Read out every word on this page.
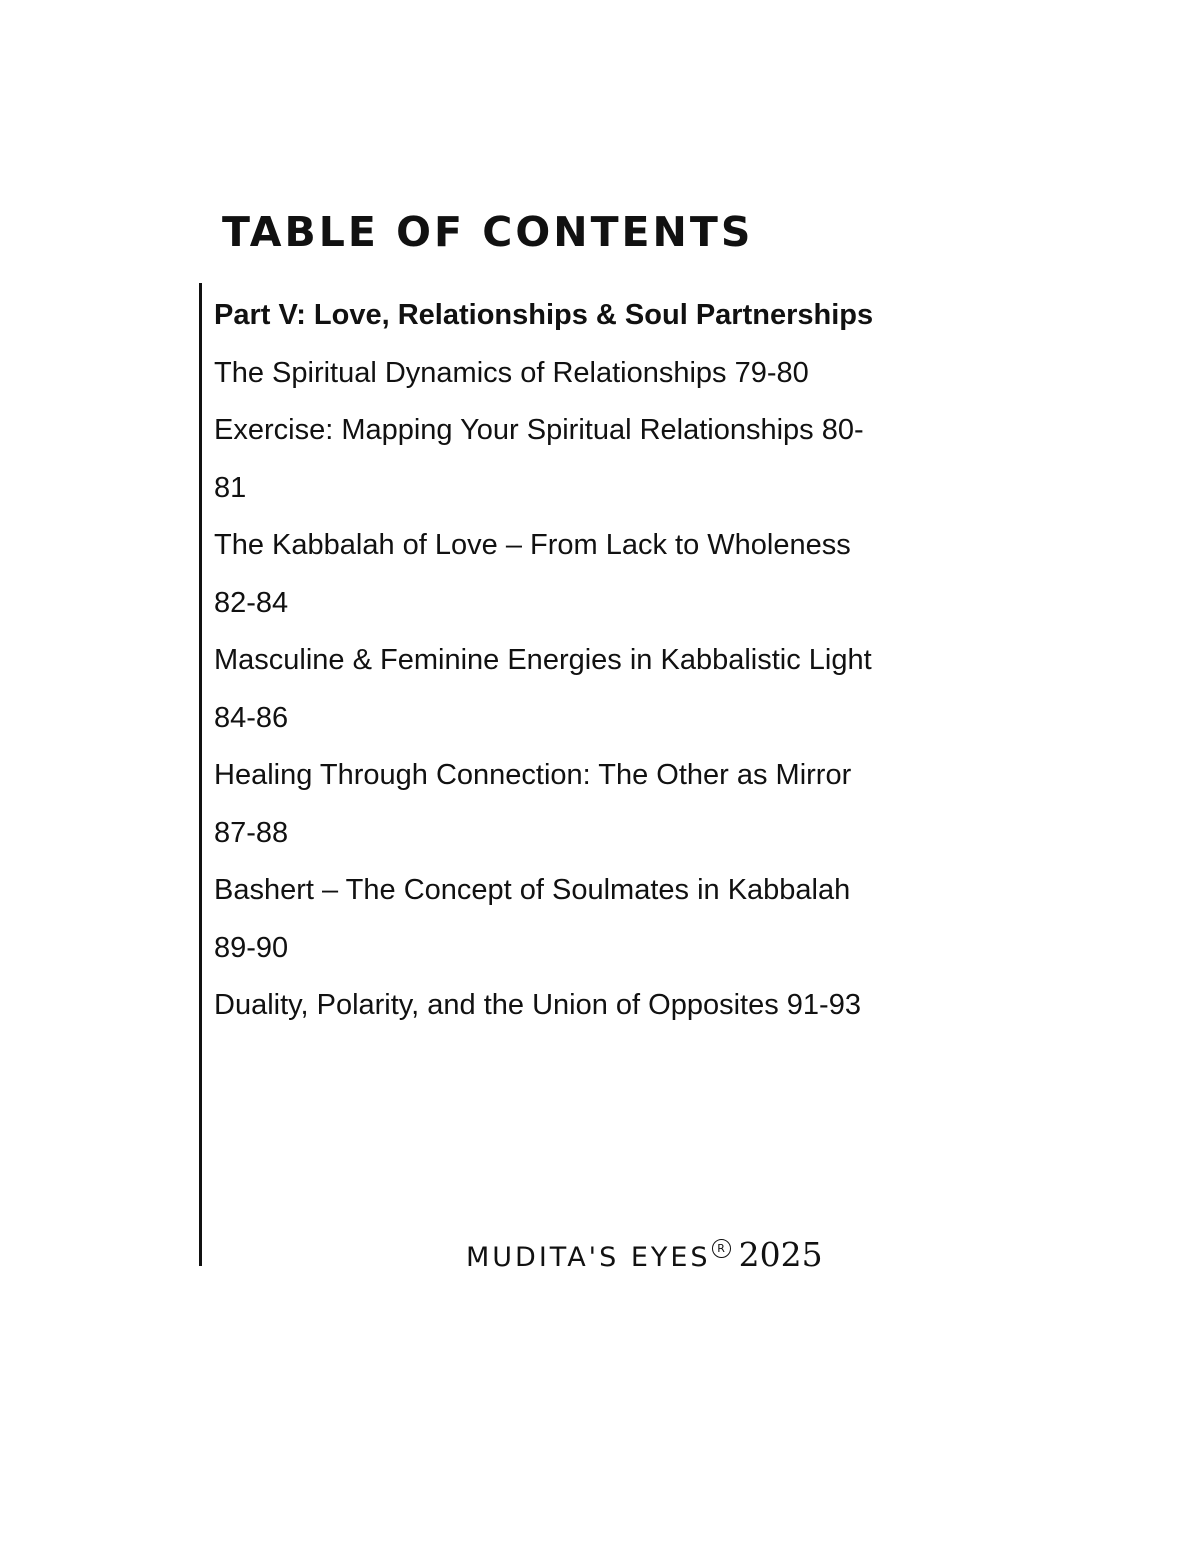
TABLE OF CONTENTS
Part V: Love, Relationships & Soul Partnerships
The Spiritual Dynamics of Relationships 79-80
Exercise: Mapping Your Spiritual Relationships 80-
81
The Kabbalah of Love – From Lack to Wholeness
82-84
Masculine & Feminine Energies in Kabbalistic Light
84-86
Healing Through Connection: The Other as Mirror
87-88
Bashert – The Concept of Soulmates in Kabbalah
89-90
Duality, Polarity, and the Union of Opposites 91-93
MUDITA'S EYES R 2025
